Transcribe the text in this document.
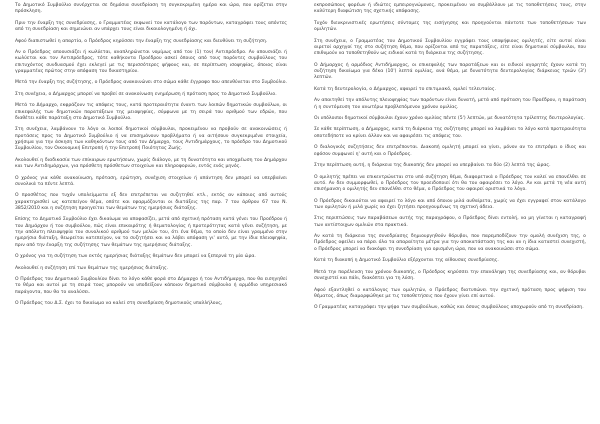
Το Δημοτικό Συμβούλιο συνέρχεται σε δημόσια συνεδρίαση τη συγκεκριμένη ημέρα και ώρα, που ορίζεται στην πρόσκληση.

Πριν την έναρξη της συνεδρίασης, ο Γραμματέας εκφωνεί τον κατάλογο των παρόντων, καταγράφει τους απόντες από τη συνεδρίαση και σημειώνει αν υπάρχει τους είναι δικαιολογημένη ή όχι.

Αφού διαπιστωθεί η απαρτία, ο Πρόεδρος κηρύσσει την έναρξη της συνεδρίασης και διευθύνει τη συζήτηση.

Αν ο Πρόεδρος αποουσιάζει ή κωλύεται, αναπληρώνεται νομίμως από τον (1) τον) Αντιπρόεδρο. Αν απουσιάζει ή κωλύεται και τον Αντιπρόεδρος, τότε καθήκοντα Προέδρου ασκεί όποιος από τους παρόντες συμβούλους του επιτυχόντος συνδυασμού έχει εκλεγεί με τις περισσότερες ψήφους και, σε περίπτωση ισοψηφίας, όποιος είναι γραμματέας πρώτος στην απόφαση του δικαστηρίου.

Μετά την έναρξη της συζήτησης, ο Πρόεδρος ανακοινώνει στο σώμα κάθε έγγραφο που απευθύνεται στο Συμβούλιο.

Στη συνέχεια, ο Δήμαρχος μπορεί να προβεί σε ανακοίνωση ενημέρωση ή πρόταση προς το Δημοτικό Συμβούλιο.

Μετά το Δήμαρχο, εκφράζουν τις απόψεις τους, κατά προτεραιότητα έναντι των λοιπών δημοτικών συμβούλων, οι επικεφαλής των δημοτικών παρατάξεων της μειοψηφίας, σύμφωνα με τη σειρά του αριθμού των εδρών, που διαθέτει κάθε παράταξη στο Δημοτικό Συμβούλιο.

Στη συνέχεια, λαμβάνουν το λόγο οι λοιποί δημοτικοί σύμβουλοι, προκειμένου να προβούν σε ανακοινώσεις ή προτάσεις προς το Δημοτικό Συμβούλιο ή να επισημάνουν προβλήματα ή να αιτήσουν συγκεκριμένα στοιχεία, χρήσιμα για την άσκηση των καθηκόντων τους από τον Δήμαρχο, τους Αντιδημάρχους, το πρόεδρο του Δημοτικού Συμβουλίου, τον Οικονομική Επιτροπή ή την Επιτροπή Ποιότητας Ζωής.

Ακολουθεί η διαδικασία των επίκαιρων ερωτήσεων, χωρίς διάλογο, με τη δυνατότητα και υποχρέωση του Δημάρχου και των Αντιδημάρχων, για πρόσθετη πρόσθετων στοιχείων και πληροφοριών, εντός ενός μηνός.

Ο χρόνος για κάθε ανακοίνωση, πρόταση, ερώτηση, συνέχιση στοιχείων ή απάντηση δεν μπορεί να υπερβαίνει συνολικά τα πέντε λεπτά.

Ο προσθέτος που τυχόν υπολείμματα εξ δεν επιτρέπεται να συζητηθεί κτλ., εκτός αν κάποιος από αυτούς χαρακτηρισθεί ως κατεπείγον θέμα, οπότε και εφαρμόζονται οι διατάξεις της παρ. 7 του άρθρου 67 του Ν. 3852/2010 και η συζήτηση προηγείται των θεμάτων της ημερήσιας διάταξης.

Επίσης το Δημοτικό Συμβούλιο έχει δικαίωμα να αποφασίζει, μετά από σχετική πρόταση κατά γένει του Προέδρου ή του Δημάρχου ή του συμβούλου, πώς είναι επικαιρότης ή θεματολογίας ή προτερότητας κατά γένει συζήτηση, με την απόλυτη πλειοψηφία του συνολικού αριθμού των μελών του, ότι ένα θέμα, το οποίο δεν είναι γραμμένο στην ημερήσια διάταξη, θεωρείται κατεπείγον, να το συζητήσει και να λάβει απόφαση γι' αυτό, με την ίδια πλειοψηφία, πριν από την έναρξη της συζήτησης των θεμάτων της ημερήσιας διάταξης.

Ο χρόνος για τη συζήτηση των εκτός ημερήσιας διάταξης θεμάτων δεν μπορεί να ξεπερνά τη μία ώρα.

Ακολουθεί η συζήτηση επί των θεμάτων της ημερήσιας διάταξης.

Ο Πρόεδρος του Δημοτικού Συμβουλίου δίνει το λόγο κάθε φορά στο Δήμαρχο ή τον Αντιδήμαρχο, που θα εισηγηθεί το θέμα και αυτοί με τη σειρά τους μπορούν να υποδείξουν κάποιον δημοτικό σύμβουλο ή αρμόδιο υπηρεσιακό παράγοντα, που θα το αναλύσει.

Ο Πρόεδρος του Δ.Σ. έχει το δικαίωμα να καλεί στη συνεδρίαση δημοτικούς υπαλλήλους,

εκπροσώπους φορέων ή ιδιώτες εμπειρογνώμονες, προκειμένου να συμβάλλουν με τις τοποθετήσεις τους, στην καλύτερη διαφώτιση της σχετικής απόφασης.

Τυχόν διευκρινιστικές ερωτήσεις σύντομες της εισήγησης και προηγούνται πάντοτε των τοποθετήσεων των ομιλητών.

Στη συνέχεια, ο Γραμματέας του Δημοτικού Συμβουλίου εγγράφει τους υποψήφιους ομιλητές, είτε αυτοί είναι αιρετοί αρχηγοί της στο συζήτηση θέμα, που ορίζονται από τις παρατάξεις, είτε είναι δημοτικοί σύμβουλοι, που επιθυμούν να τοποθετηθούν ως ειδικοί κατά τη διάρκεια της συζήτησης.

Ο Δήμαρχος ή αρμόδιος Αντιδήμαρχος, οι επικεφαλής των παρατάξεων και οι ειδικοί αγορητές έχουν κατά τη συζήτηση δικαίωμα για δέκα (10') λεπτά ομιλίας, ανά θέμα, με δυνατότητα δευτερολογίας διάρκειας τριών (3') λεπτών.

Κατά τη δευτερολογία, ο Δήμαρχος, αφαιρεί το επιτιμιακό, ομιλεί τελευταίος.

Αν απαιτηθεί την απόλυτης πλειοψηφίας των παρόντων είναι δυνατή, μετά από πρόταση του Προέδρου, η παράταση ή η συντόμευση του ανωτέρω προβλεπόμενου χρόνου ομιλίας.

Οι υπόλοιποι δημοτικοί σύμβουλοι έχουν χρόνο ομιλίας πέντε (5') λεπτών, με δυνατότητα τρίλεπτης δευτερολογίας.

Σε κάθε περίπτωση, ο Δήμαρχος, κατά τη διάρκεια της συζήτησης μπορεί να λαμβάνει το λόγο κατά προτεραιότητα οποτεδήποτε να κρίνει άλλον και να αφαιρέσει τις απόψεις του.

Ο διαλογικός συζητήσεις δεν επιτρέπονται. Διακοπή ομιλητή μπορεί να γίνει, μόνον αν το επιτρέψει ο ίδιος και εφόσον συμφωνεί η' αυτή και ο Πρόεδρος.

Στην περίπτωση αυτή, η διάρκεια της διακοπής δεν μπορεί να υπερβαίνει τα δύο (2) λεπτά της ώρας.

Ο ομιλητής πρέπει να επικεντρώνεται στο υπό συζήτηση θέμα, διαφορετικά ο Πρόεδρος του καλεί να επανέλθει σε αυτό. Αν δεν συμμορφωθεί, ο Πρόεδρος τον προειδοποιεί ότι θα του αφαιρέσει το λόγο. Αν και μετά τη νέα αυτή επισήμανση ο ομιλητής δεν επανέλθει στο θέμα, ο Πρόεδρος του αφαιρεί οριστικά το λόγο.

Ο Πρόεδρος δικαιούται να αφαιρεί το λόγο και από όποιον μιλά αυθαίρετα, χωρίς να έχει εγγραφεί στον κατάλογο των ομιλητών ή μιλά χωρίς να έχει ζητήσει προηγουμένως τη σχετική άδεια.

Στις περιπτώσεις των παραβάσεων αυτής της παραγράφου, ο Πρόεδρος δίνει εντολή, να μη γίνεται η καταγραφή των αντίστοιχων ομιλιών στα πρακτικά.

Αν κατά τη διάρκεια της συνεδρίασης δημιουργηθούν θόρυβοι, που παρεμποδίζουν την ομαλή συνέχιση της, ο Πρόεδρος οφείλει να πάρει όλα τα απαραίτητα μέτρα για την αποκατάσταση της και αν η ίδια καταστεί συνεχιστή, ο Πρόεδρος μπορεί να διακόψει τη συνεδρίαση για ορισμένη ώρα, που να ανακοινώσει στο σώμα.

Κατά τη διακοπή η Δημοτικό Συμβούλιο εξέρχονται της αίθουσας συνεδρίασης.

Μετά την παρέλευση του χρόνου διακοπής, ο Πρόεδρος κηρύσσει την επανάληψη της συνεδρίασης και, αν θόρυβοι συνεχιστεί και πάλι, διακόπτει για τη λύση.

Αφού εξαντληθεί ο κατάλογος των ομιλητών, ο Πρόεδρος διατυπώνει την σχετική πρόταση προς ψήφιση του θέματος, όπως διαμορφώθηκε με τις τοποθετήσεις που έχουν γίνει επί αυτού.

Ο Γραμματέας καταγράφει την ψήφο των συμβούλων, καθώς και όσους συμβούλους αποχωρούν από τη συνεδρίαση.
